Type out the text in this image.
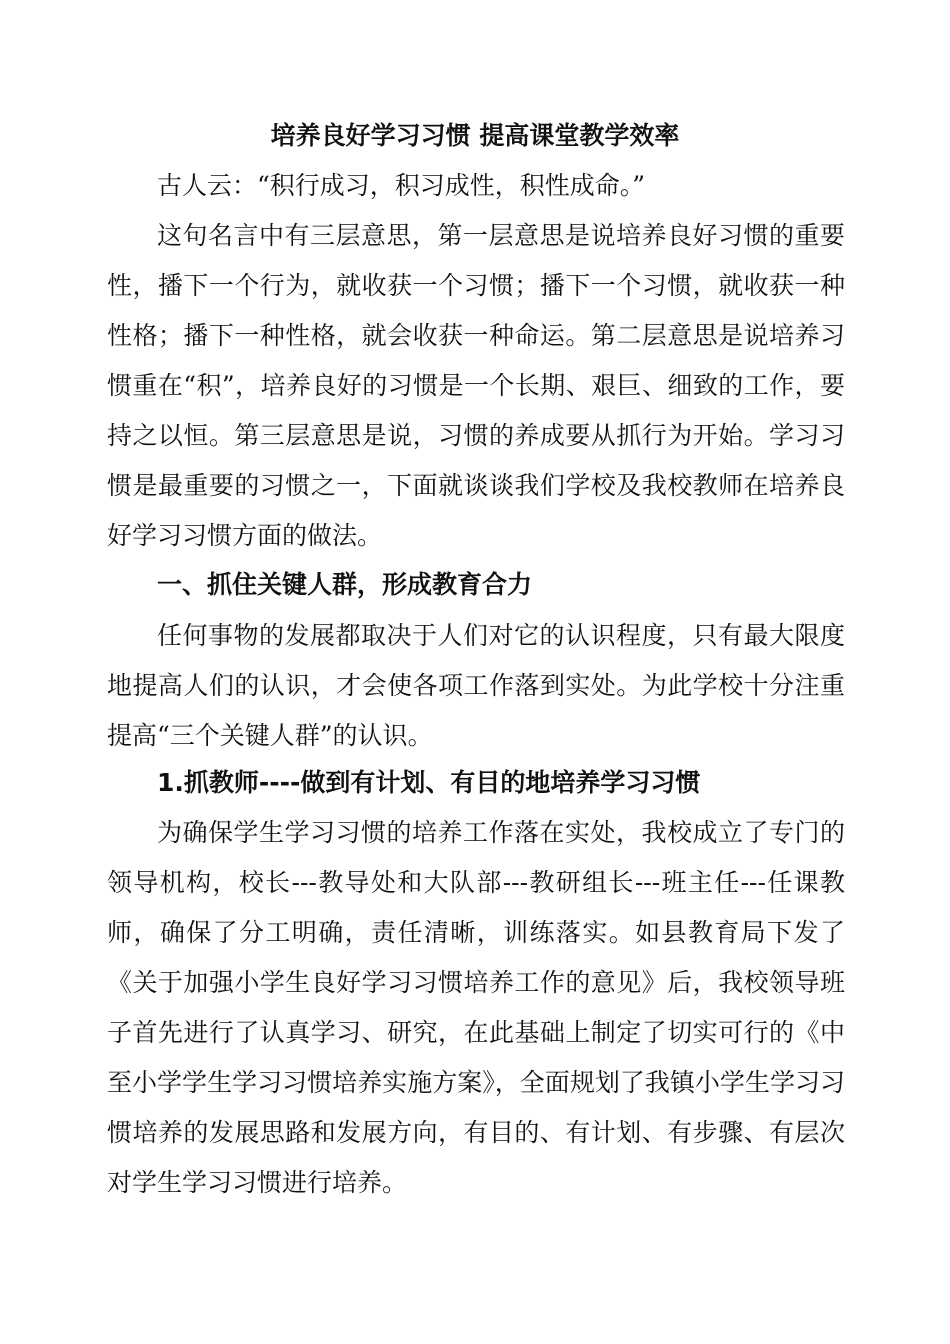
培养良好学习习惯 提高课堂教学效率

古人云：“积行成习，积习成性，积性成命。”

这句名言中有三层意思，第一层意思是说培养良好习惯的重要性，播下一个行为，就收获一个习惯；播下一个习惯，就收获一种性格；播下一种性格，就会收获一种命运。第二层意思是说培养习惯重在“积”，培养良好的习惯是一个长期、艰巨、细致的工作，要持之以恒。第三层意思是说，习惯的养成要从抓行为开始。学习习惯是最重要的习惯之一，下面就谈谈我们学校及我校教师在培养良好学习习惯方面的做法。

一、抓住关键人群，形成教育合力

任何事物的发展都取决于人们对它的认识程度，只有最大限度地提高人们的认识，才会使各项工作落到实处。为此学校十分注重提高“三个关键人群”的认识。

1.抓教师----做到有计划、有目的地培养学习习惯

为确保学生学习习惯的培养工作落在实处，我校成立了专门的领导机构，校长---教导处和大队部---教研组长---班主任---任课教师，确保了分工明确，责任清晰，训练落实。如县教育局下发了《关于加强小学生良好学习习惯培养工作的意见》后，我校领导班子首先进行了认真学习、研究，在此基础上制定了切实可行的《中至小学学生学习习惯培养实施方案》，全面规划了我镇小学生学习习惯培养的发展思路和发展方向，有目的、有计划、有步骤、有层次对学生学习习惯进行培养。
